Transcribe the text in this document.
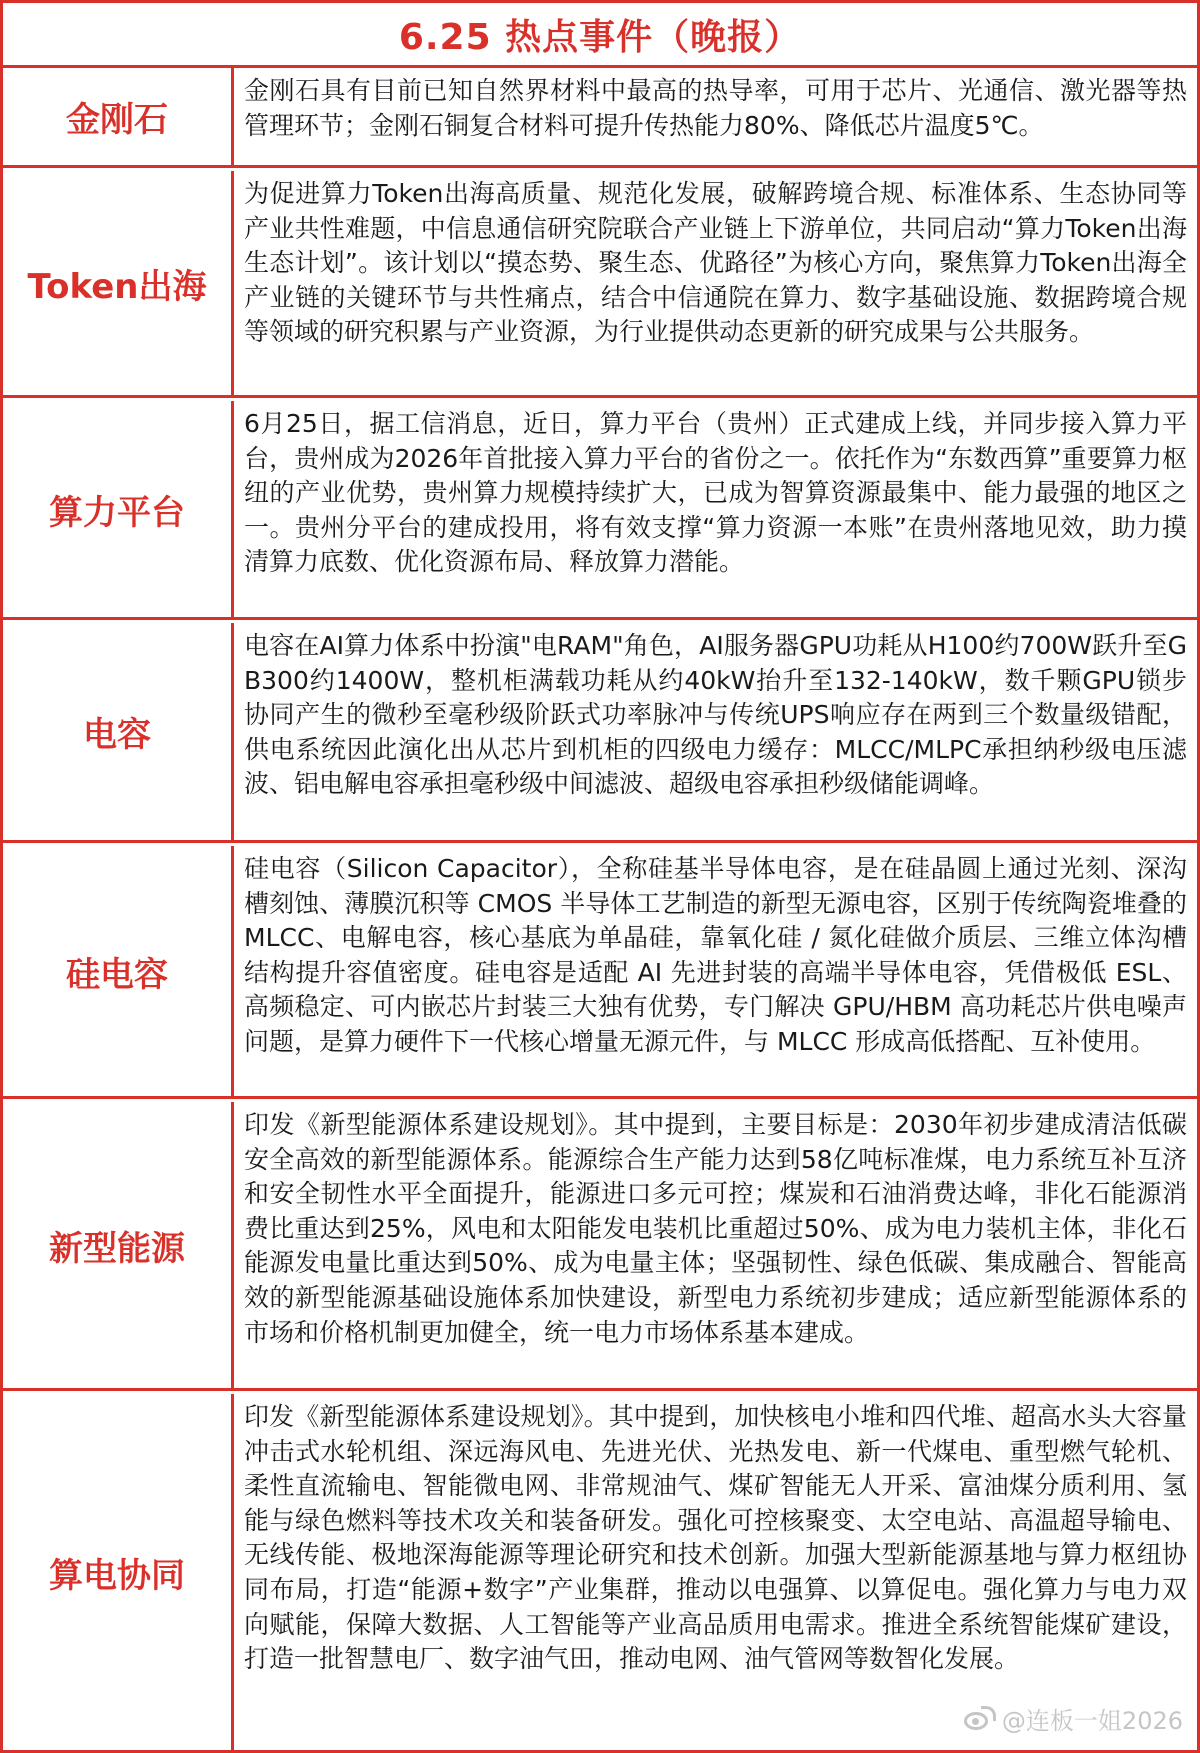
6.25 热点事件（晚报）
金刚石
金刚石具有目前已知自然界材料中最高的热导率，可用于芯片、光通信、激光器等热管理环节；金刚石铜复合材料可提升传热能力80%、降低芯片温度5℃。
Token出海
为促进算力Token出海高质量、规范化发展，破解跨境合规、标准体系、生态协同等产业共性难题，中信息通信研究院联合产业链上下游单位，共同启动“算力Token出海生态计划”。该计划以“摸态势、聚生态、优路径”为核心方向，聚焦算力Token出海全产业链的关键环节与共性痛点，结合中信通院在算力、数字基础设施、数据跨境合规等领域的研究积累与产业资源，为行业提供动态更新的研究成果与公共服务。
算力平台
6月25日，据工信消息，近日，算力平台（贵州）正式建成上线，并同步接入算力平台，贵州成为2026年首批接入算力平台的省份之一。依托作为“东数西算”重要算力枢纽的产业优势，贵州算力规模持续扩大，已成为智算资源最集中、能力最强的地区之一。贵州分平台的建成投用，将有效支撑“算力资源一本账”在贵州落地见效，助力摸清算力底数、优化资源布局、释放算力潜能。
电容
电容在AI算力体系中扮演"电RAM"角色，AI服务器GPU功耗从H100约700W跃升至GB300约1400W，整机柜满载功耗从约40kW抬升至132-140kW，数千颗GPU锁步协同产生的微秒至毫秒级阶跃式功率脉冲与传统UPS响应存在两到三个数量级错配，供电系统因此演化出从芯片到机柜的四级电力缓存：MLCC/MLPC承担纳秒级电压滤波、铝电解电容承担毫秒级中间滤波、超级电容承担秒级储能调峰。
硅电容
硅电容（Silicon Capacitor），全称硅基半导体电容，是在硅晶圆上通过光刻、深沟槽刻蚀、薄膜沉积等 CMOS 半导体工艺制造的新型无源电容，区别于传统陶瓷堆叠的 MLCC、电解电容，核心基底为单晶硅，靠氧化硅 / 氮化硅做介质层、三维立体沟槽结构提升容值密度。硅电容是适配 AI 先进封装的高端半导体电容，凭借极低 ESL、高频稳定、可内嵌芯片封装三大独有优势，专门解决 GPU/HBM 高功耗芯片供电噪声问题，是算力硬件下一代核心增量无源元件，与 MLCC 形成高低搭配、互补使用。
新型能源
印发《新型能源体系建设规划》。其中提到，主要目标是：2030年初步建成清洁低碳安全高效的新型能源体系。能源综合生产能力达到58亿吨标准煤，电力系统互补互济和安全韧性水平全面提升，能源进口多元可控；煤炭和石油消费达峰，非化石能源消费比重达到25%，风电和太阳能发电装机比重超过50%、成为电力装机主体，非化石能源发电量比重达到50%、成为电量主体；坚强韧性、绿色低碳、集成融合、智能高效的新型能源基础设施体系加快建设，新型电力系统初步建成；适应新型能源体系的市场和价格机制更加健全，统一电力市场体系基本建成。
算电协同
印发《新型能源体系建设规划》。其中提到，加快核电小堆和四代堆、超高水头大容量冲击式水轮机组、深远海风电、先进光伏、光热发电、新一代煤电、重型燃气轮机、柔性直流输电、智能微电网、非常规油气、煤矿智能无人开采、富油煤分质利用、氢能与绿色燃料等技术攻关和装备研发。强化可控核聚变、太空电站、高温超导输电、无线传能、极地深海能源等理论研究和技术创新。加强大型新能源基地与算力枢纽协同布局，打造“能源+数字”产业集群，推动以电强算、以算促电。强化算力与电力双向赋能，保障大数据、人工智能等产业高品质用电需求。推进全系统智能煤矿建设，打造一批智慧电厂、数字油气田，推动电网、油气管网等数智化发展。
@连板一姐2026
